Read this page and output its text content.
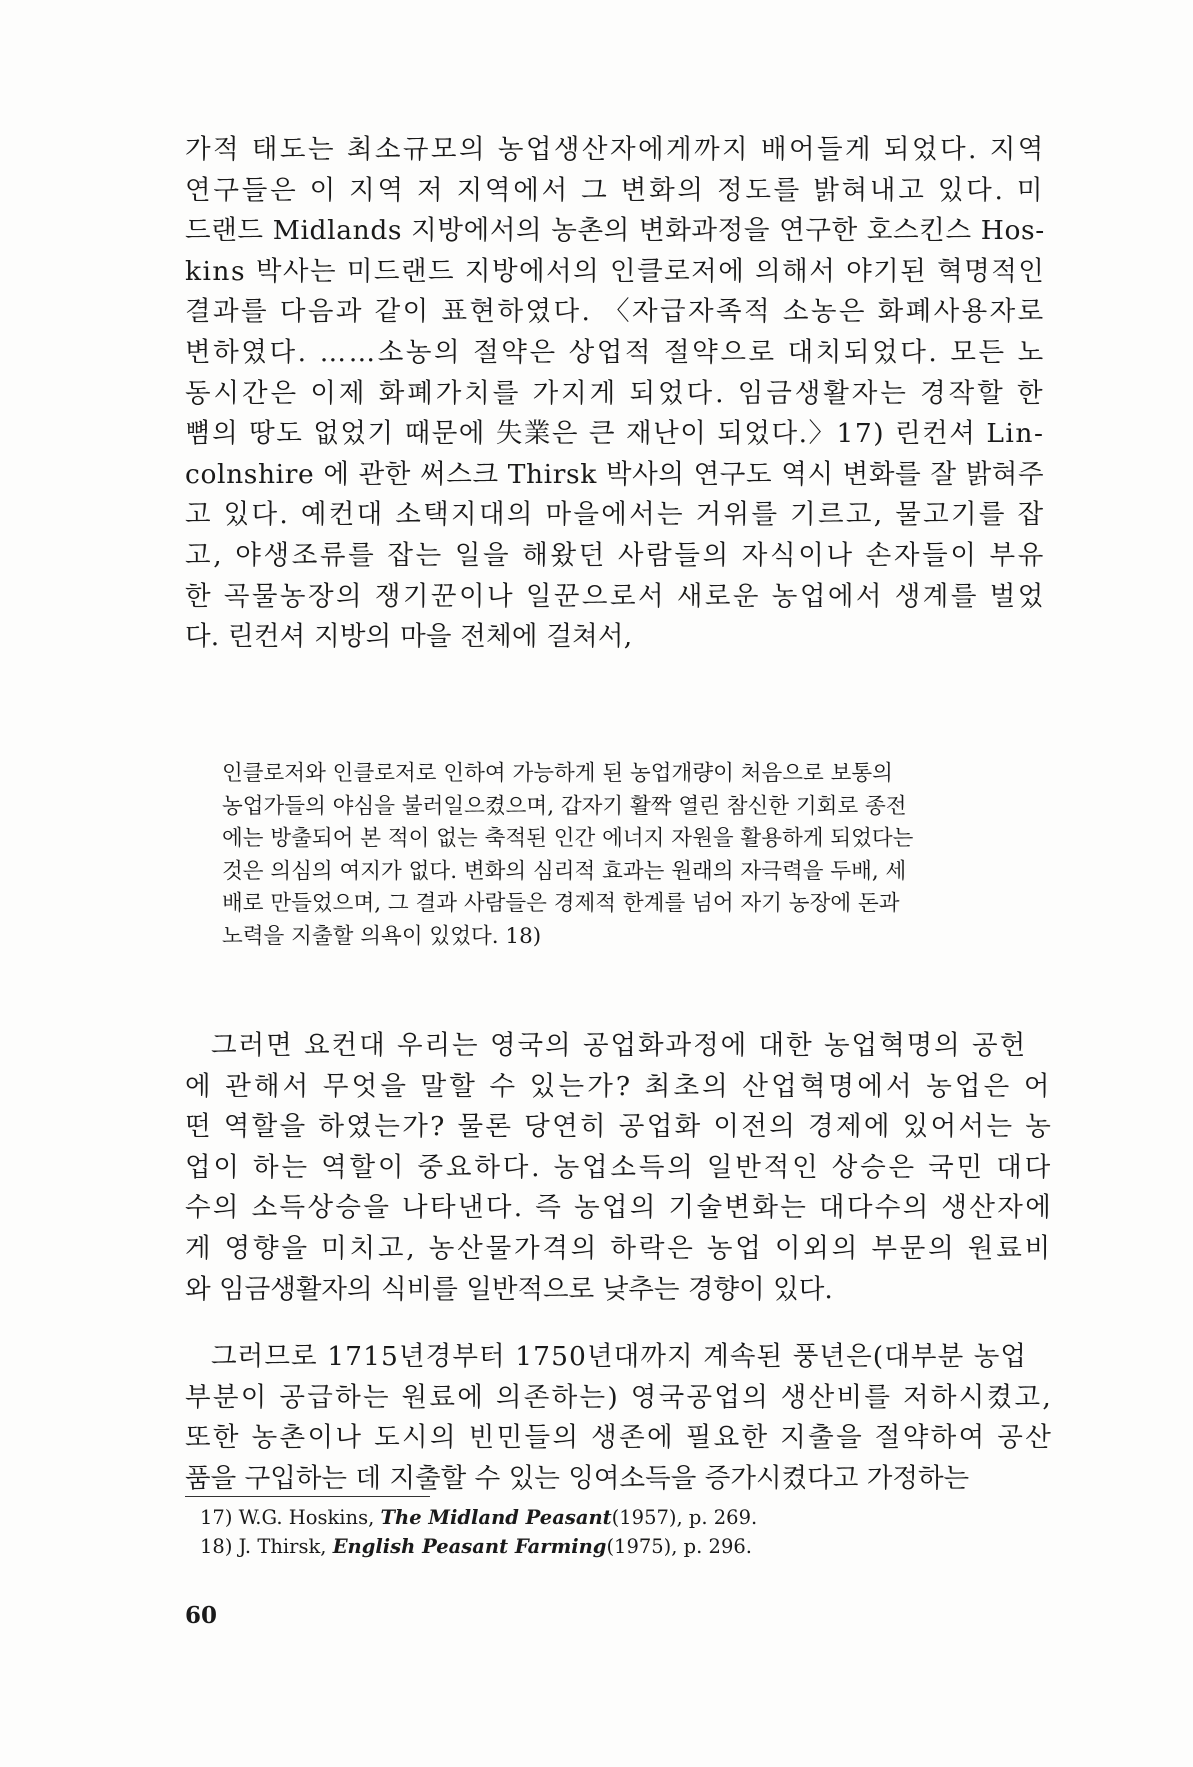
가적 태도는 최소규모의 농업생산자에게까지 배어들게 되었다. 지역
연구들은 이 지역 저 지역에서 그 변화의 정도를 밝혀내고 있다. 미
드랜드 Midlands 지방에서의 농촌의 변화과정을 연구한 호스킨스 Hos-
kins 박사는 미드랜드 지방에서의 인클로저에 의해서 야기된 혁명적인
결과를 다음과 같이 표현하였다. 〈자급자족적 소농은 화폐사용자로
변하였다. ……소농의 절약은 상업적 절약으로 대치되었다. 모든 노
동시간은 이제 화폐가치를 가지게 되었다. 임금생활자는 경작할 한
뼘의 땅도 없었기 때문에 失業은 큰 재난이 되었다.〉17) 린컨셔 Lin-
colnshire 에 관한 써스크 Thirsk 박사의 연구도 역시 변화를 잘 밝혀주
고 있다. 예컨대 소택지대의 마을에서는 거위를 기르고, 물고기를 잡
고, 야생조류를 잡는 일을 해왔던 사람들의 자식이나 손자들이 부유
한 곡물농장의 쟁기꾼이나 일꾼으로서 새로운 농업에서 생계를 벌었
다. 린컨셔 지방의 마을 전체에 걸쳐서,
인클로저와 인클로저로 인하여 가능하게 된 농업개량이 처음으로 보통의
농업가들의 야심을 불러일으켰으며, 갑자기 활짝 열린 참신한 기회로 종전
에는 방출되어 본 적이 없는 축적된 인간 에너지 자원을 활용하게 되었다는
것은 의심의 여지가 없다. 변화의 심리적 효과는 원래의 자극력을 두배, 세
배로 만들었으며, 그 결과 사람들은 경제적 한계를 넘어 자기 농장에 돈과
노력을 지출할 의욕이 있었다. 18)
그러면 요컨대 우리는 영국의 공업화과정에 대한 농업혁명의 공헌
에 관해서 무엇을 말할 수 있는가? 최초의 산업혁명에서 농업은 어
떤 역할을 하였는가? 물론 당연히 공업화 이전의 경제에 있어서는 농
업이 하는 역할이 중요하다. 농업소득의 일반적인 상승은 국민 대다
수의 소득상승을 나타낸다. 즉 농업의 기술변화는 대다수의 생산자에
게 영향을 미치고, 농산물가격의 하락은 농업 이외의 부문의 원료비
와 임금생활자의 식비를 일반적으로 낮추는 경향이 있다.
그러므로 1715년경부터 1750년대까지 계속된 풍년은(대부분 농업
부분이 공급하는 원료에 의존하는) 영국공업의 생산비를 저하시켰고,
또한 농촌이나 도시의 빈민들의 생존에 필요한 지출을 절약하여 공산
품을 구입하는 데 지출할 수 있는 잉여소득을 증가시켰다고 가정하는
17) W.G. Hoskins, The Midland Peasant(1957), p. 269.
18) J. Thirsk, English Peasant Farming(1975), p. 296.
60
